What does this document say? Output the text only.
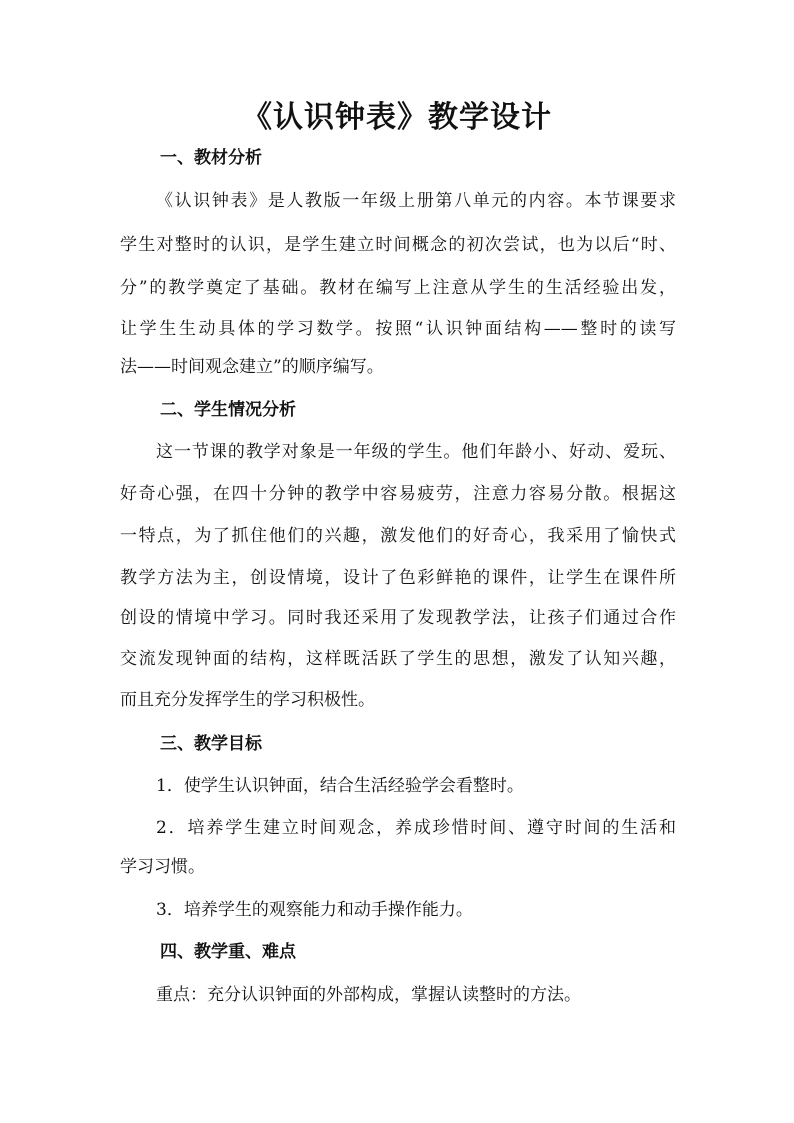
《认识钟表》教学设计
一、教材分析
《认识钟表》是人教版一年级上册第八单元的内容。本节课要求
学生对整时的认识，是学生建立时间概念的初次尝试，也为以后“时、
分”的教学奠定了基础。教材在编写上注意从学生的生活经验出发，
让学生生动具体的学习数学。按照“认识钟面结构——整时的读写
法——时间观念建立”的顺序编写。
二、学生情况分析
这一节课的教学对象是一年级的学生。他们年龄小、好动、爱玩、
好奇心强，在四十分钟的教学中容易疲劳，注意力容易分散。根据这
一特点，为了抓住他们的兴趣，激发他们的好奇心，我采用了愉快式
教学方法为主，创设情境，设计了色彩鲜艳的课件，让学生在课件所
创设的情境中学习。同时我还采用了发现教学法，让孩子们通过合作
交流发现钟面的结构，这样既活跃了学生的思想，激发了认知兴趣，
而且充分发挥学生的学习积极性。
三、教学目标
1．使学生认识钟面，结合生活经验学会看整时。
2．培养学生建立时间观念，养成珍惜时间、遵守时间的生活和
学习习惯。
3．培养学生的观察能力和动手操作能力。
四、教学重、难点
重点：充分认识钟面的外部构成，掌握认读整时的方法。
